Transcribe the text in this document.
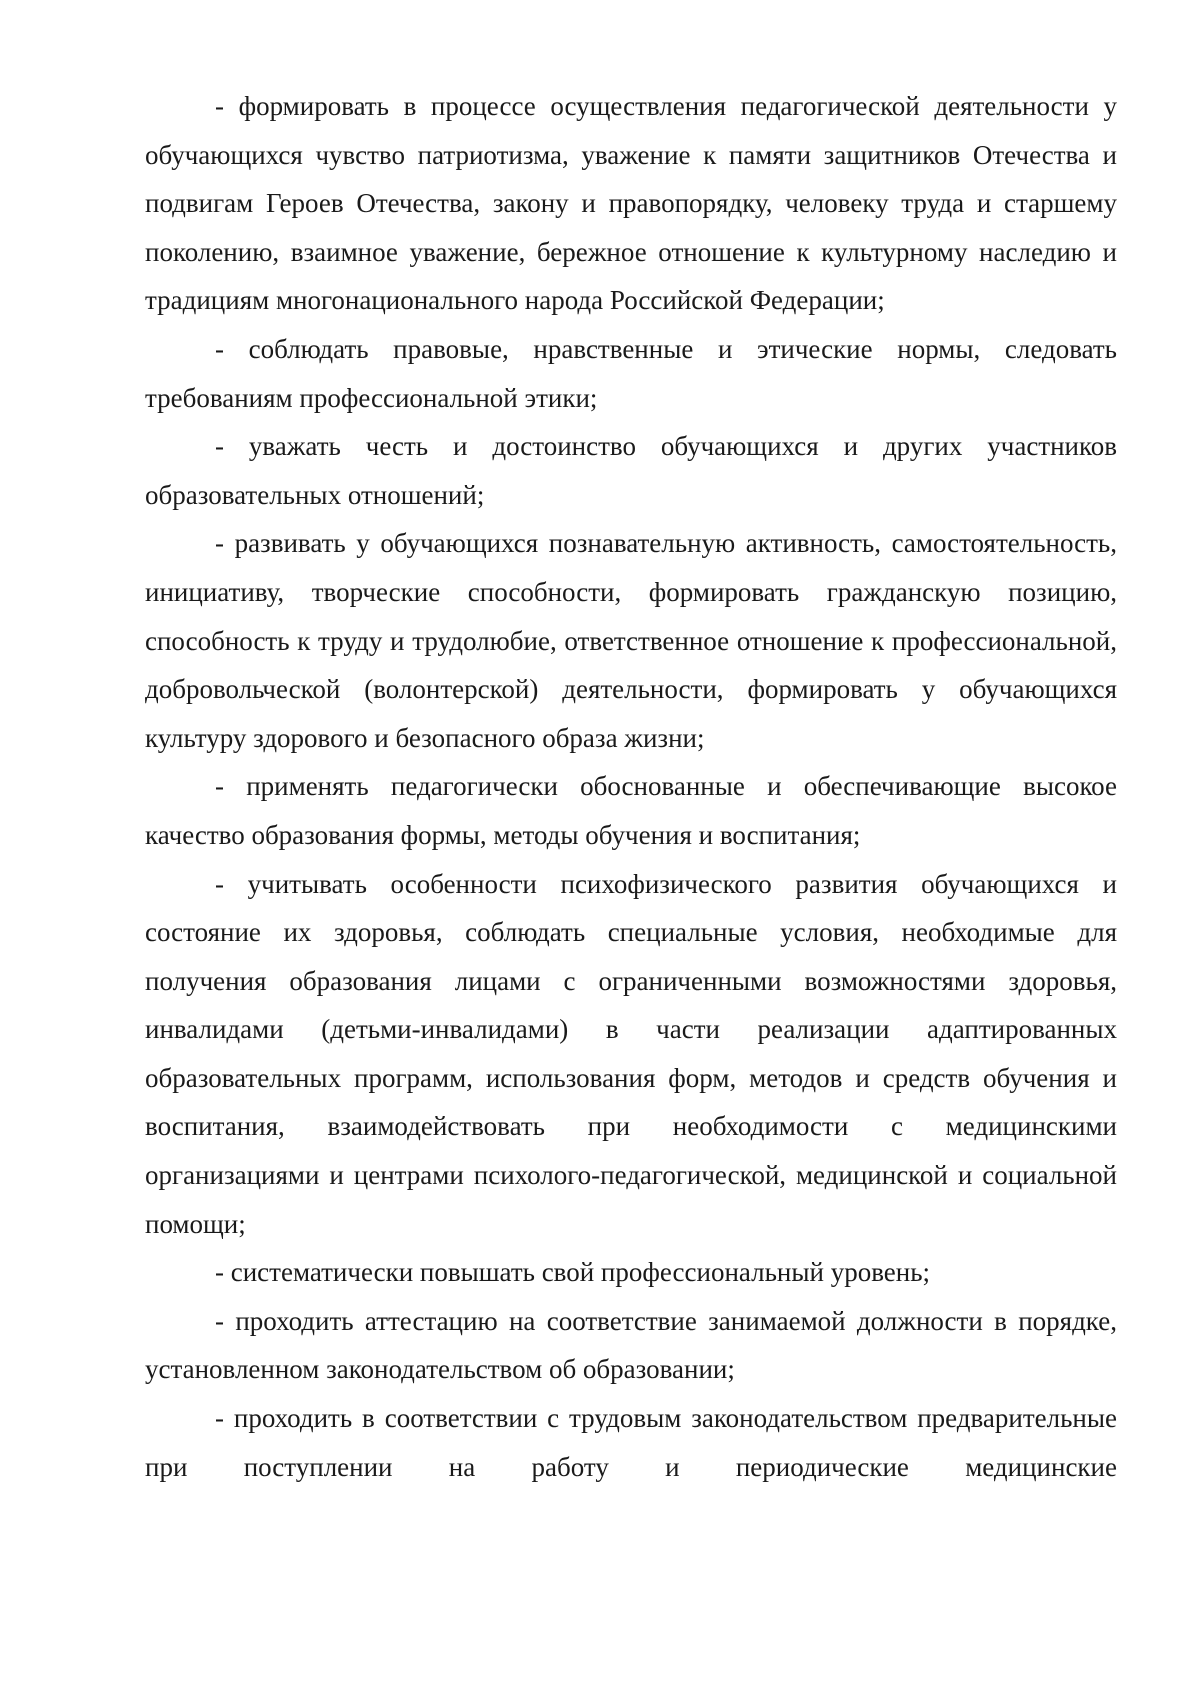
- формировать в процессе осуществления педагогической деятельности у обучающихся чувство патриотизма, уважение к памяти защитников Отечества и подвигам Героев Отечества, закону и правопорядку, человеку труда и старшему поколению, взаимное уважение, бережное отношение к культурному наследию и традициям многонационального народа Российской Федерации;

- соблюдать правовые, нравственные и этические нормы, следовать требованиям профессиональной этики;

- уважать честь и достоинство обучающихся и других участников образовательных отношений;

- развивать у обучающихся познавательную активность, самостоятельность, инициативу, творческие способности, формировать гражданскую позицию, способность к труду и трудолюбие, ответственное отношение к профессиональной, добровольческой (волонтерской) деятельности, формировать у обучающихся культуру здорового и безопасного образа жизни;

- применять педагогически обоснованные и обеспечивающие высокое качество образования формы, методы обучения и воспитания;

- учитывать особенности психофизического развития обучающихся и состояние их здоровья, соблюдать специальные условия, необходимые для получения образования лицами с ограниченными возможностями здоровья, инвалидами (детьми-инвалидами) в части реализации адаптированных образовательных программ, использования форм, методов и средств обучения и воспитания, взаимодействовать при необходимости с медицинскими организациями и центрами психолого-педагогической, медицинской и социальной помощи;

- систематически повышать свой профессиональный уровень;

- проходить аттестацию на соответствие занимаемой должности в порядке, установленном законодательством об образовании;

- проходить в соответствии с трудовым законодательством предварительные при поступлении на работу и периодические медицинские
